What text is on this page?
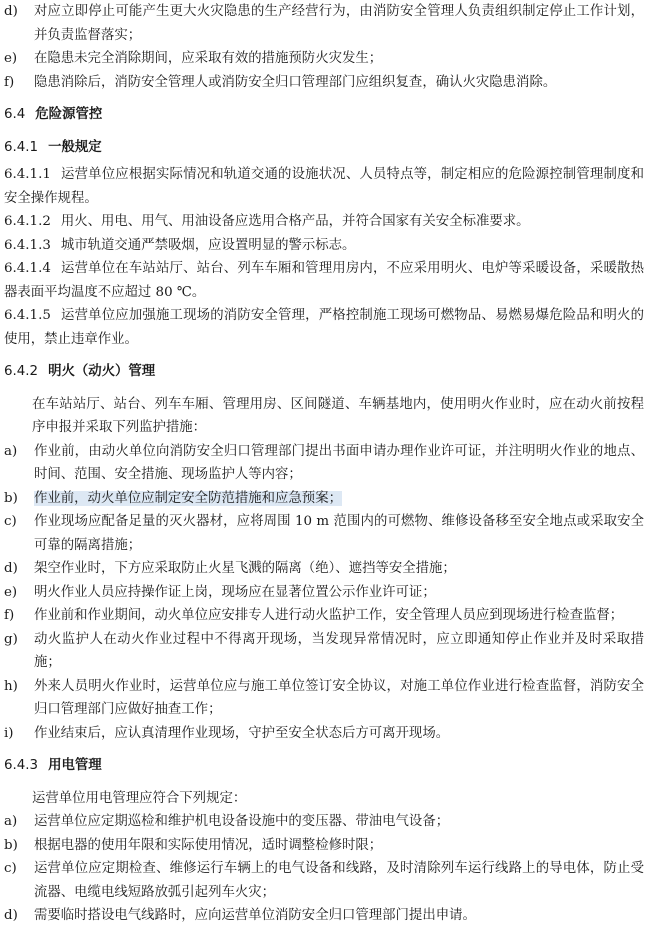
d)	对应立即停止可能产生更大火灾隐患的生产经营行为，由消防安全管理人负责组织制定停止工作计划，并负责监督落实；
e)	在隐患未完全消除期间，应采取有效的措施预防火灾发生；
f)	隐患消除后，消防安全管理人或消防安全归口管理部门应组织复查，确认火灾隐患消除。
6.4 危险源管控
6.4.1 一般规定
6.4.1.1 运营单位应根据实际情况和轨道交通的设施状况、人员特点等，制定相应的危险源控制管理制度和安全操作规程。
6.4.1.2 用火、用电、用气、用油设备应选用合格产品，并符合国家有关安全标准要求。
6.4.1.3 城市轨道交通严禁吸烟，应设置明显的警示标志。
6.4.1.4 运营单位在车站站厅、站台、列车车厢和管理用房内，不应采用明火、电炉等采暖设备，采暖散热器表面平均温度不应超过 80 ℃。
6.4.1.5 运营单位应加强施工现场的消防安全管理，严格控制施工现场可燃物品、易燃易爆危险品和明火的使用，禁止违章作业。
6.4.2 明火（动火）管理
在车站站厅、站台、列车车厢、管理用房、区间隧道、车辆基地内，使用明火作业时，应在动火前按程序申报并采取下列监护措施：
a)	作业前，由动火单位向消防安全归口管理部门提出书面申请办理作业许可证，并注明明火作业的地点、时间、范围、安全措施、现场监护人等内容；
b)	作业前，动火单位应制定安全防范措施和应急预案；
c)	作业现场应配备足量的灭火器材，应将周围 10 m 范围内的可燃物、维修设备移至安全地点或采取安全可靠的隔离措施；
d)	架空作业时，下方应采取防止火星飞溅的隔离（绝）、遮挡等安全措施；
e)	明火作业人员应持操作证上岗，现场应在显著位置公示作业许可证；
f)	作业前和作业期间，动火单位应安排专人进行动火监护工作，安全管理人员应到现场进行检查监督；
g)	动火监护人在动火作业过程中不得离开现场，当发现异常情况时，应立即通知停止作业并及时采取措施；
h)	外来人员明火作业时，运营单位应与施工单位签订安全协议，对施工单位作业进行检查监督，消防安全归口管理部门应做好抽查工作；
i)	作业结束后，应认真清理作业现场，守护至安全状态后方可离开现场。
6.4.3 用电管理
运营单位用电管理应符合下列规定：
a)	运营单位应定期巡检和维护机电设备设施中的变压器、带油电气设备；
b)	根据电器的使用年限和实际使用情况，适时调整检修时限；
c)	运营单位应定期检查、维修运行车辆上的电气设备和线路，及时清除列车运行线路上的导电体，防止受流器、电缆电线短路放弧引起列车火灾；
d)	需要临时搭设电气线路时，应向运营单位消防安全归口管理部门提出申请。
